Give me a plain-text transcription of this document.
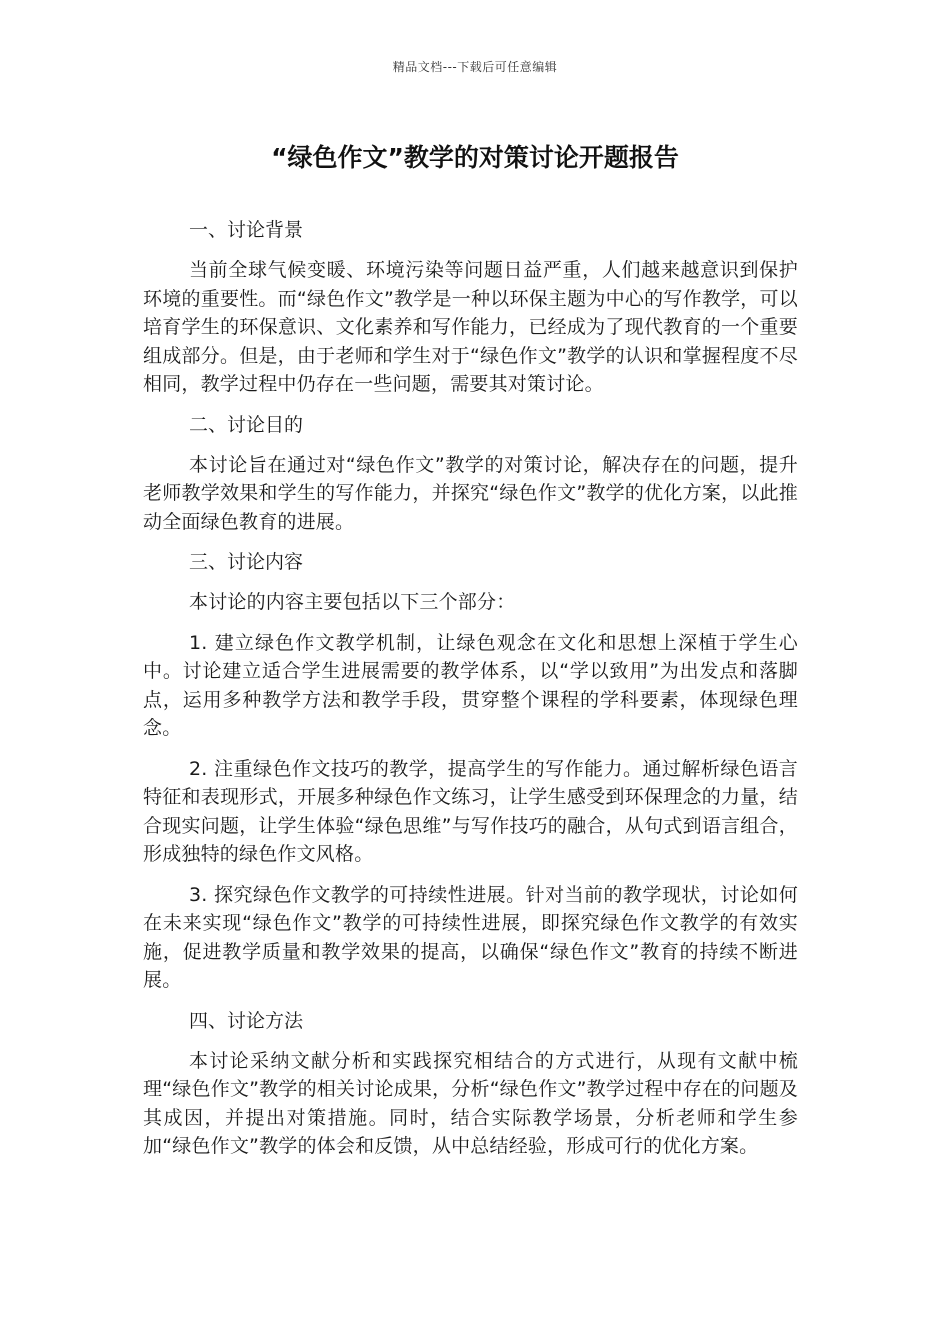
精品文档---下载后可任意编辑
“绿色作文”教学的对策讨论开题报告
一、讨论背景

当前全球气候变暖、环境污染等问题日益严重，人们越来越意识到保护环境的重要性。而“绿色作文”教学是一种以环保主题为中心的写作教学，可以培育学生的环保意识、文化素养和写作能力，已经成为了现代教育的一个重要组成部分。但是，由于老师和学生对于“绿色作文”教学的认识和掌握程度不尽相同，教学过程中仍存在一些问题，需要其对策讨论。

二、讨论目的

本讨论旨在通过对“绿色作文”教学的对策讨论，解决存在的问题，提升老师教学效果和学生的写作能力，并探究“绿色作文”教学的优化方案，以此推动全面绿色教育的进展。

三、讨论内容

本讨论的内容主要包括以下三个部分：

1. 建立绿色作文教学机制，让绿色观念在文化和思想上深植于学生心中。讨论建立适合学生进展需要的教学体系，以“学以致用”为出发点和落脚点，运用多种教学方法和教学手段，贯穿整个课程的学科要素，体现绿色理念。

2. 注重绿色作文技巧的教学，提高学生的写作能力。通过解析绿色语言特征和表现形式，开展多种绿色作文练习，让学生感受到环保理念的力量，结合现实问题，让学生体验“绿色思维”与写作技巧的融合，从句式到语言组合，形成独特的绿色作文风格。

3. 探究绿色作文教学的可持续性进展。针对当前的教学现状，讨论如何在未来实现“绿色作文”教学的可持续性进展，即探究绿色作文教学的有效实施，促进教学质量和教学效果的提高，以确保“绿色作文”教育的持续不断进展。

四、讨论方法

本讨论采纳文献分析和实践探究相结合的方式进行，从现有文献中梳理“绿色作文”教学的相关讨论成果，分析“绿色作文”教学过程中存在的问题及其成因，并提出对策措施。同时，结合实际教学场景，分析老师和学生参加“绿色作文”教学的体会和反馈，从中总结经验，形成可行的优化方案。
